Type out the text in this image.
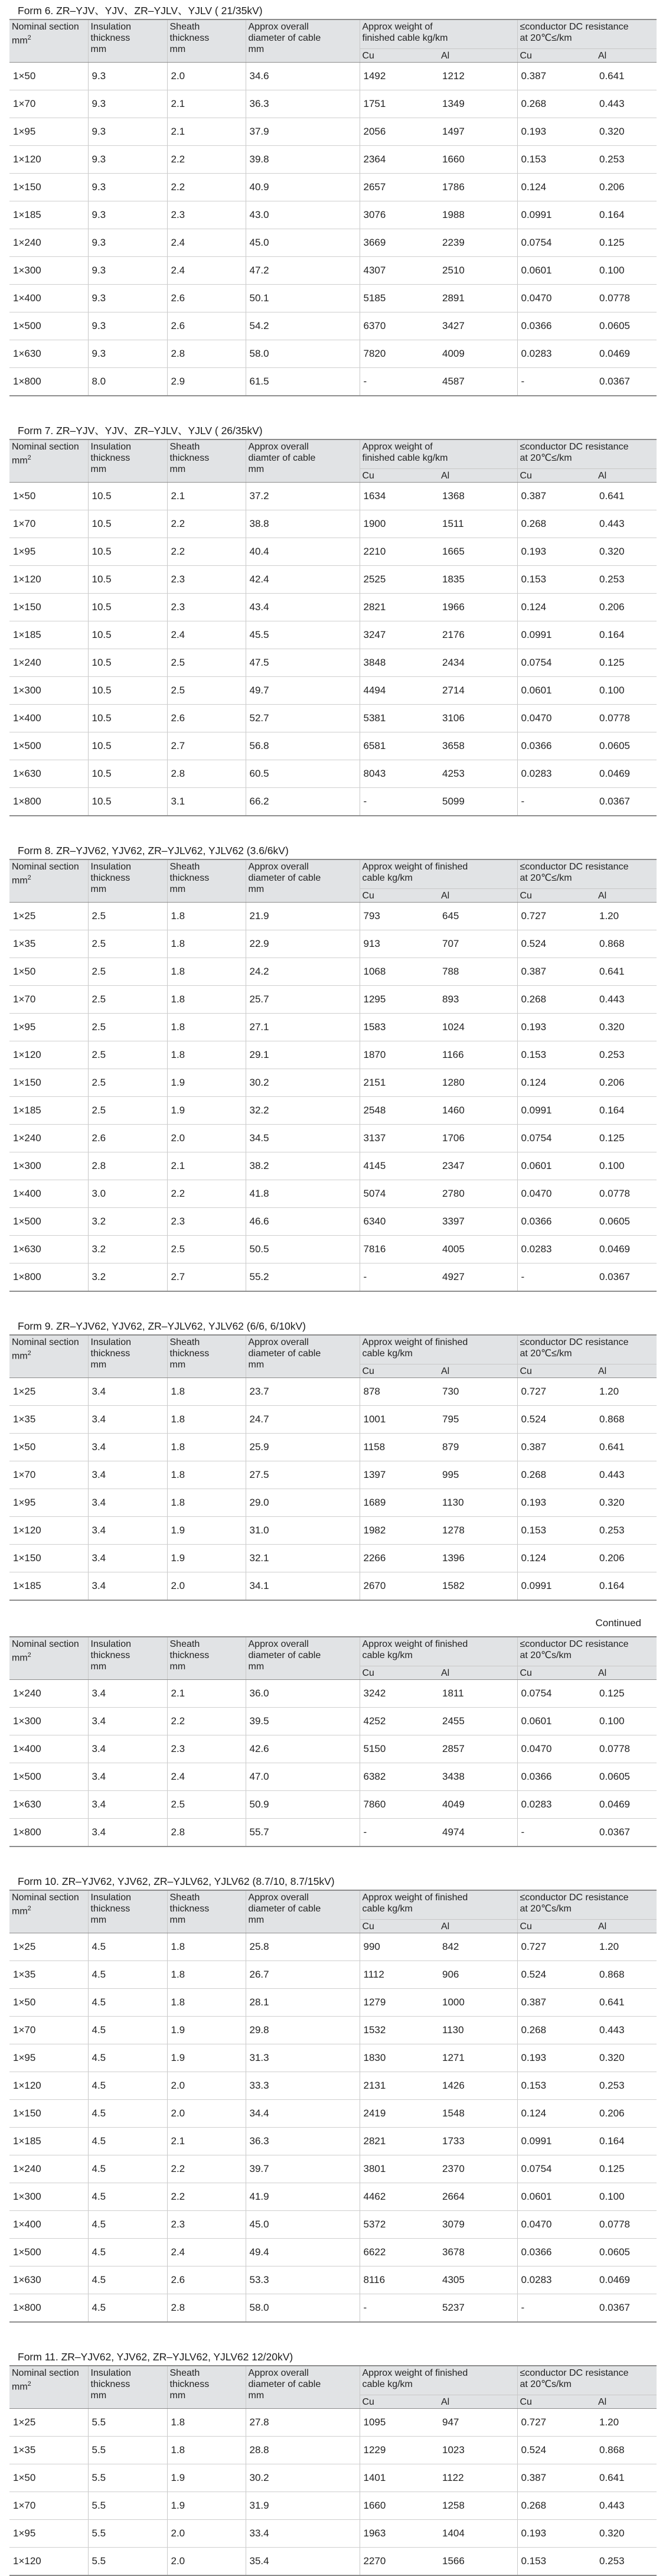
Form 6. ZR–YJV、YJV、ZR–YJLV、YJLV ( 21/35kV)
Nominal section
$mm^2$	Insulation
thickness
mm	Sheath
thickness
mm	Approx overall
diameter of cable
mm	Approx weight of
finished cable kg/km		≤conductor DC resistance
at 20℃≤/km	
				Cu	Al	Cu	Al
1×50	9.3	2.0	34.6	1492	1212	0.387	0.641
1×70	9.3	2.1	36.3	1751	1349	0.268	0.443
1×95	9.3	2.1	37.9	2056	1497	0.193	0.320
1×120	9.3	2.2	39.8	2364	1660	0.153	0.253
1×150	9.3	2.2	40.9	2657	1786	0.124	0.206
1×185	9.3	2.3	43.0	3076	1988	0.0991	0.164
1×240	9.3	2.4	45.0	3669	2239	0.0754	0.125
1×300	9.3	2.4	47.2	4307	2510	0.0601	0.100
1×400	9.3	2.6	50.1	5185	2891	0.0470	0.0778
1×500	9.3	2.6	54.2	6370	3427	0.0366	0.0605
1×630	9.3	2.8	58.0	7820	4009	0.0283	0.0469
1×800	8.0	2.9	61.5	-	4587	-	0.0367
Form 7. ZR–YJV、YJV、ZR–YJLV、YJLV ( 26/35kV)
Nominal section
$mm^2$	Insulation
thickness
mm	Sheath
thickness
mm	Approx overall
diamter of cable
mm	Approx weight of
finished cable kg/km		≤conductor DC resistance
at 20℃≤/km	
				Cu	Al	Cu	Al
1×50	10.5	2.1	37.2	1634	1368	0.387	0.641
1×70	10.5	2.2	38.8	1900	1511	0.268	0.443
1×95	10.5	2.2	40.4	2210	1665	0.193	0.320
1×120	10.5	2.3	42.4	2525	1835	0.153	0.253
1×150	10.5	2.3	43.4	2821	1966	0.124	0.206
1×185	10.5	2.4	45.5	3247	2176	0.0991	0.164
1×240	10.5	2.5	47.5	3848	2434	0.0754	0.125
1×300	10.5	2.5	49.7	4494	2714	0.0601	0.100
1×400	10.5	2.6	52.7	5381	3106	0.0470	0.0778
1×500	10.5	2.7	56.8	6581	3658	0.0366	0.0605
1×630	10.5	2.8	60.5	8043	4253	0.0283	0.0469
1×800	10.5	3.1	66.2	-	5099	-	0.0367
Form 8. ZR–YJV62, YJV62, ZR–YJLV62, YJLV62 (3.6/6kV)
Nominal section
$mm^2$	Insulation
thickness
mm	Sheath
thickness
mm	Approx overall
diameter of cable
mm	Approx weight of finished
cable kg/km		≤conductor DC resistance
at 20℃≤/km	
				Cu	Al	Cu	Al
1×25	2.5	1.8	21.9	793	645	0.727	1.20
1×35	2.5	1.8	22.9	913	707	0.524	0.868
1×50	2.5	1.8	24.2	1068	788	0.387	0.641
1×70	2.5	1.8	25.7	1295	893	0.268	0.443
1×95	2.5	1.8	27.1	1583	1024	0.193	0.320
1×120	2.5	1.8	29.1	1870	1166	0.153	0.253
1×150	2.5	1.9	30.2	2151	1280	0.124	0.206
1×185	2.5	1.9	32.2	2548	1460	0.0991	0.164
1×240	2.6	2.0	34.5	3137	1706	0.0754	0.125
1×300	2.8	2.1	38.2	4145	2347	0.0601	0.100
1×400	3.0	2.2	41.8	5074	2780	0.0470	0.0778
1×500	3.2	2.3	46.6	6340	3397	0.0366	0.0605
1×630	3.2	2.5	50.5	7816	4005	0.0283	0.0469
1×800	3.2	2.7	55.2	-	4927	-	0.0367
Form 9. ZR–YJV62, YJV62, ZR–YJLV62, YJLV62 (6/6, 6/10kV)
Nominal section
$mm^2$	Insulation
thickness
mm	Sheath
thickness
mm	Approx overall
diameter of cable
mm	Approx weight of finished
cable kg/km		≤conductor DC resistance
at 20℃≤/km	
				Cu	Al	Cu	Al
1×25	3.4	1.8	23.7	878	730	0.727	1.20
1×35	3.4	1.8	24.7	1001	795	0.524	0.868
1×50	3.4	1.8	25.9	1158	879	0.387	0.641
1×70	3.4	1.8	27.5	1397	995	0.268	0.443
1×95	3.4	1.8	29.0	1689	1130	0.193	0.320
1×120	3.4	1.9	31.0	1982	1278	0.153	0.253
1×150	3.4	1.9	32.1	2266	1396	0.124	0.206
1×185	3.4	2.0	34.1	2670	1582	0.0991	0.164
Continued
Nominal section
$mm^2$	Insulation
thickness
mm	Sheath
thickness
mm	Approx overall
diameter of cable
mm	Approx weight of finished
cable kg/km		≤conductor DC resistance
at 20℃s/km	
				Cu	Al	Cu	Al
1×240	3.4	2.1	36.0	3242	1811	0.0754	0.125
1×300	3.4	2.2	39.5	4252	2455	0.0601	0.100
1×400	3.4	2.3	42.6	5150	2857	0.0470	0.0778
1×500	3.4	2.4	47.0	6382	3438	0.0366	0.0605
1×630	3.4	2.5	50.9	7860	4049	0.0283	0.0469
1×800	3.4	2.8	55.7	-	4974	-	0.0367
Form 10. ZR–YJV62, YJV62, ZR–YJLV62, YJLV62 (8.7/10, 8.7/15kV)
Nominal section
$mm^2$	Insulation
thickness
mm	Sheath
thickness
mm	Approx overall
diameter of cable
mm	Approx weight of finished
cable kg/km		≤conductor DC resistance
at 20℃s/km	
				Cu	Al	Cu	Al
1×25	4.5	1.8	25.8	990	842	0.727	1.20
1×35	4.5	1.8	26.7	1112	906	0.524	0.868
1×50	4.5	1.8	28.1	1279	1000	0.387	0.641
1×70	4.5	1.9	29.8	1532	1130	0.268	0.443
1×95	4.5	1.9	31.3	1830	1271	0.193	0.320
1×120	4.5	2.0	33.3	2131	1426	0.153	0.253
1×150	4.5	2.0	34.4	2419	1548	0.124	0.206
1×185	4.5	2.1	36.3	2821	1733	0.0991	0.164
1×240	4.5	2.2	39.7	3801	2370	0.0754	0.125
1×300	4.5	2.2	41.9	4462	2664	0.0601	0.100
1×400	4.5	2.3	45.0	5372	3079	0.0470	0.0778
1×500	4.5	2.4	49.4	6622	3678	0.0366	0.0605
1×630	4.5	2.6	53.3	8116	4305	0.0283	0.0469
1×800	4.5	2.8	58.0	-	5237	-	0.0367
Form 11. ZR–YJV62, YJV62, ZR–YJLV62, YJLV62 12/20kV)
Nominal section
$mm^2$	Insulation
thickness
mm	Sheath
thickness
mm	Approx overall
diameter of cable
mm	Approx weight of finished
cable kg/km		≤conductor DC resistance
at 20℃s/km	
				Cu	Al	Cu	Al
1×25	5.5	1.8	27.8	1095	947	0.727	1.20
1×35	5.5	1.8	28.8	1229	1023	0.524	0.868
1×50	5.5	1.9	30.2	1401	1122	0.387	0.641
1×70	5.5	1.9	31.9	1660	1258	0.268	0.443
1×95	5.5	2.0	33.4	1963	1404	0.193	0.320
1×120	5.5	2.0	35.4	2270	1566	0.153	0.253
